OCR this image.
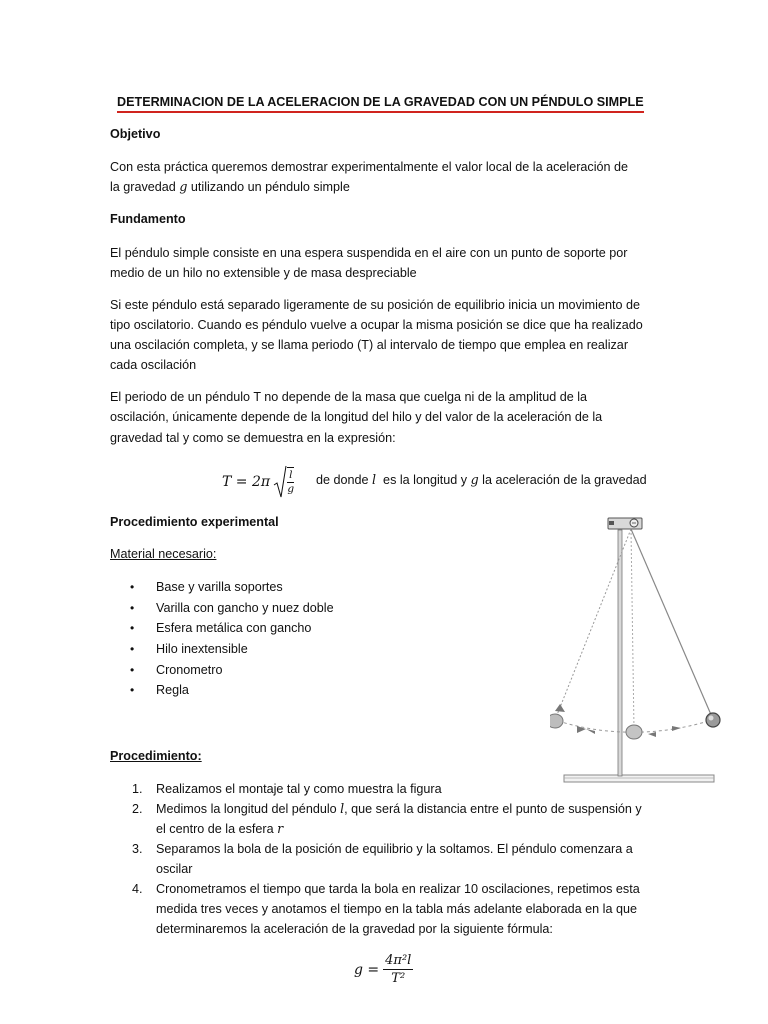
DETERMINACION DE LA ACELERACION DE LA GRAVEDAD CON UN PÉNDULO SIMPLE
Objetivo
Con esta práctica queremos demostrar experimentalmente el valor local de la aceleración de
la gravedad g utilizando un péndulo simple
Fundamento
El péndulo simple consiste en una espera suspendida en el aire con un punto de soporte por
medio de un hilo no extensible y de masa despreciable
Si este péndulo está separado ligeramente de su posición de equilibrio inicia un movimiento de
tipo oscilatorio. Cuando es péndulo vuelve a ocupar la misma posición se dice que ha realizado
una oscilación completa, y se llama periodo (T) al intervalo de tiempo que emplea en realizar
cada oscilación
El periodo de un péndulo T no depende de la masa que cuelga ni de la amplitud de la
oscilación, únicamente depende de la longitud del hilo y del valor de la aceleración de la
gravedad tal y como se demuestra en la expresión:
$T = 2\pi \frac{l}{g}$ de donde l  es la longitud y g la aceleración de la gravedad
Procedimiento experimental
Material necesario:
• Base y varilla soportes
• Varilla con gancho y nuez doble
• Esfera metálica con gancho
• Hilo inextensible
• Cronometro
• Regla
Procedimiento:
1. Realizamos el montaje tal y como muestra la figura
2. Medimos la longitud del péndulo l, que será la distancia entre el punto de suspensión y
el centro de la esfera r
3. Separamos la bola de la posición de equilibrio y la soltamos. El péndulo comenzara a
oscilar
4. Cronometramos el tiempo que tarda la bola en realizar 10 oscilaciones, repetimos esta
medida tres veces y anotamos el tiempo en la tabla más adelante elaborada en la que
determinaremos la aceleración de la gravedad por la siguiente fórmula:
$g = \frac{\text{4π²l}}{\text{T²}}$
